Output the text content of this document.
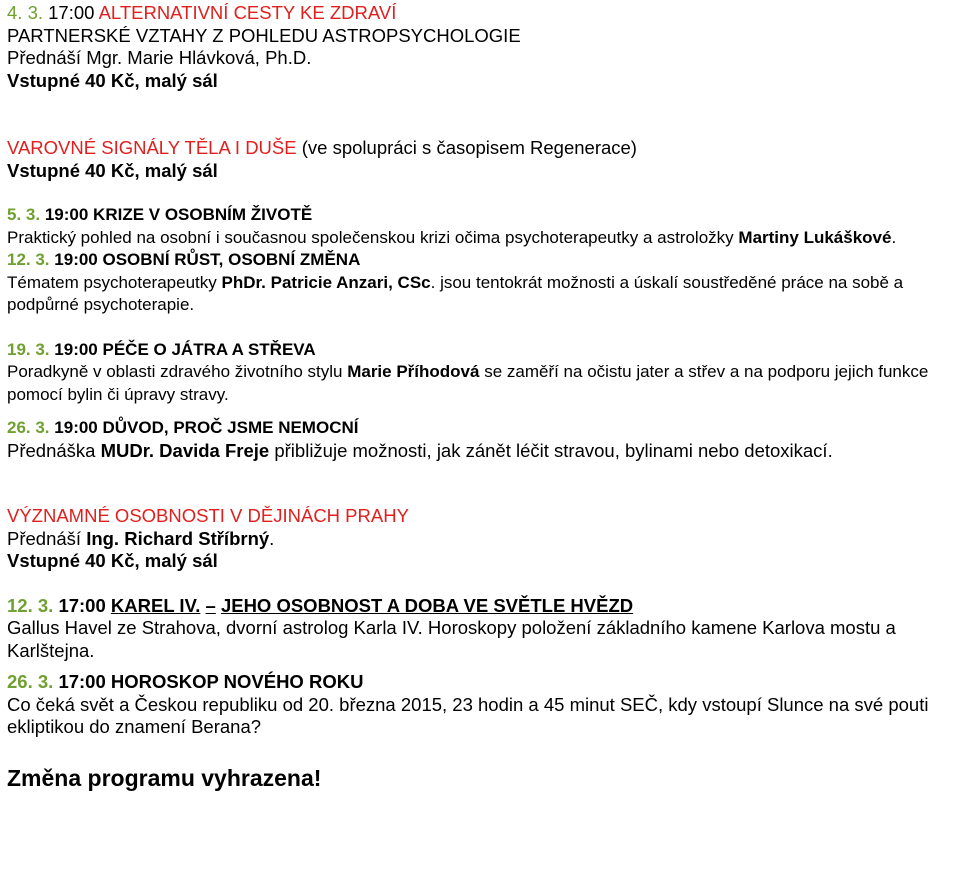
4. 3. 17:00 ALTERNATIVNÍ CESTY KE ZDRAVÍ
PARTNERSKÉ VZTAHY Z POHLEDU ASTROPSYCHOLOGIE
Přednáší Mgr. Marie Hlávková, Ph.D.
Vstupné 40 Kč, malý sál
VAROVNÉ SIGNÁLY TĚLA I DUŠE (ve spolupráci s časopisem Regenerace)
Vstupné 40 Kč, malý sál
5. 3. 19:00 KRIZE V OSOBNÍM ŽIVOTĚ
Praktický pohled na osobní i současnou společenskou krizi očima psychoterapeutky a astroložky Martiny Lukáškové.
12. 3. 19:00 OSOBNÍ RŮST, OSOBNÍ ZMĚNA
Tématem psychoterapeutky PhDr. Patricie Anzari, CSc. jsou tentokrát možnosti a úskalí soustředěné práce na sobě a podpůrné psychoterapie.
19. 3. 19:00 PÉČE O JÁTRA A STŘEVA
Poradkyně v oblasti zdravého životního stylu Marie Příhodová se zaměří na očistu jater a střev a na podporu jejich funkce pomocí bylin či úpravy stravy.
26. 3. 19:00 DŮVOD, PROČ JSME NEMOCNÍ
Přednáška MUDr. Davida Freje přibližuje možnosti, jak zánět léčit stravou, bylinami nebo detoxikací.
VÝZNAMNÉ OSOBNOSTI V DĚJINÁCH PRAHY
Přednáší Ing. Richard Stříbrný.
Vstupné 40 Kč, malý sál
12. 3. 17:00 KAREL IV. – JEHO OSOBNOST A DOBA VE SVĚTLE HVĚZD
Gallus Havel ze Strahova, dvorní astrolog Karla IV. Horoskopy položení základního kamene Karlova mostu a Karlštejna.
26. 3. 17:00 HOROSKOP NOVÉHO ROKU
Co čeká svět a Českou republiku od 20. března 2015, 23 hodin a 45 minut SEČ, kdy vstoupí Slunce na své pouti ekliptikou do znamení Berana?
Změna programu vyhrazena!
